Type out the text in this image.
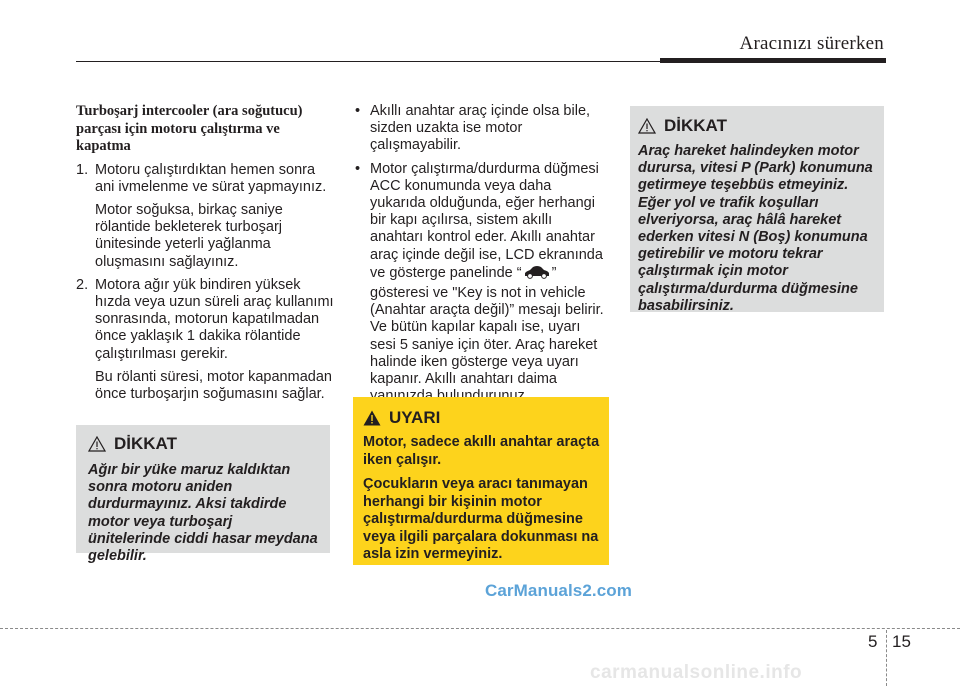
Aracınızı sürerken
Turboşarj intercooler (ara soğutucu) parçası için motoru çalıştırma ve kapatma
1. Motoru çalıştırdıktan hemen sonra ani ivmelenme ve sürat yapmayınız.
Motor soğuksa, birkaç saniye rölantide bekleterek turboşarj ünitesinde yeterli yağlanma oluşmasını sağlayınız.
2. Motora ağır yük bindiren yüksek hızda veya uzun süreli araç kullanımı sonrasında, motorun kapatılmadan önce yaklaşık 1 dakika rölantide çalıştırılması gerekir.
Bu rölanti süresi, motor kapanmadan önce turboşarjın soğumasını sağlar.
DİKKAT
Ağır bir yüke maruz kaldıktan sonra motoru aniden durdurmayınız. Aksi takdirde motor veya turboşarj ünitelerinde ciddi hasar meydana gelebilir.
• Akıllı anahtar araç içinde olsa bile, sizden uzakta ise motor çalışmayabilir.
• Motor çalıştırma/durdurma düğmesi ACC konumunda veya daha yukarıda olduğunda, eğer herhangi bir kapı açılırsa, sistem akıllı anahtarı kontrol eder. Akıllı anahtar araç içinde değil ise, LCD ekranında ve gösterge panelinde “ ” gösteresi ve "Key is not in vehicle (Anahtar araçta değil)” mesajı belirir. Ve bütün kapılar kapalı ise, uyarı sesi 5 saniye için öter. Araç hareket halinde iken gösterge veya uyarı kapanır. Akıllı anahtarı daima
UYARI

Motor, sadece akıllı anahtar araçta iken çalışır.

Çocukların veya aracı tanımayan herhangi bir kişinin motor çalıştırma/durdurma düğmesine veya ilgili parçalara dokunması na asla izin vermeyiniz.

DİKKAT
Araç hareket halindeyken motor durursa, vitesi P (Park) konumuna getirmeye teşebbüs etmeyiniz. Eğer yol ve trafik koşulları elveriyorsa, araç hâlâ hareket ederken vitesi N (Boş) konumuna getirebilir ve motoru tekrar çalıştırmak için motor çalıştırma/durdurma düğmesine basabilirsiniz.
CarManuals2.com
5 15
carmanualsonline.info
